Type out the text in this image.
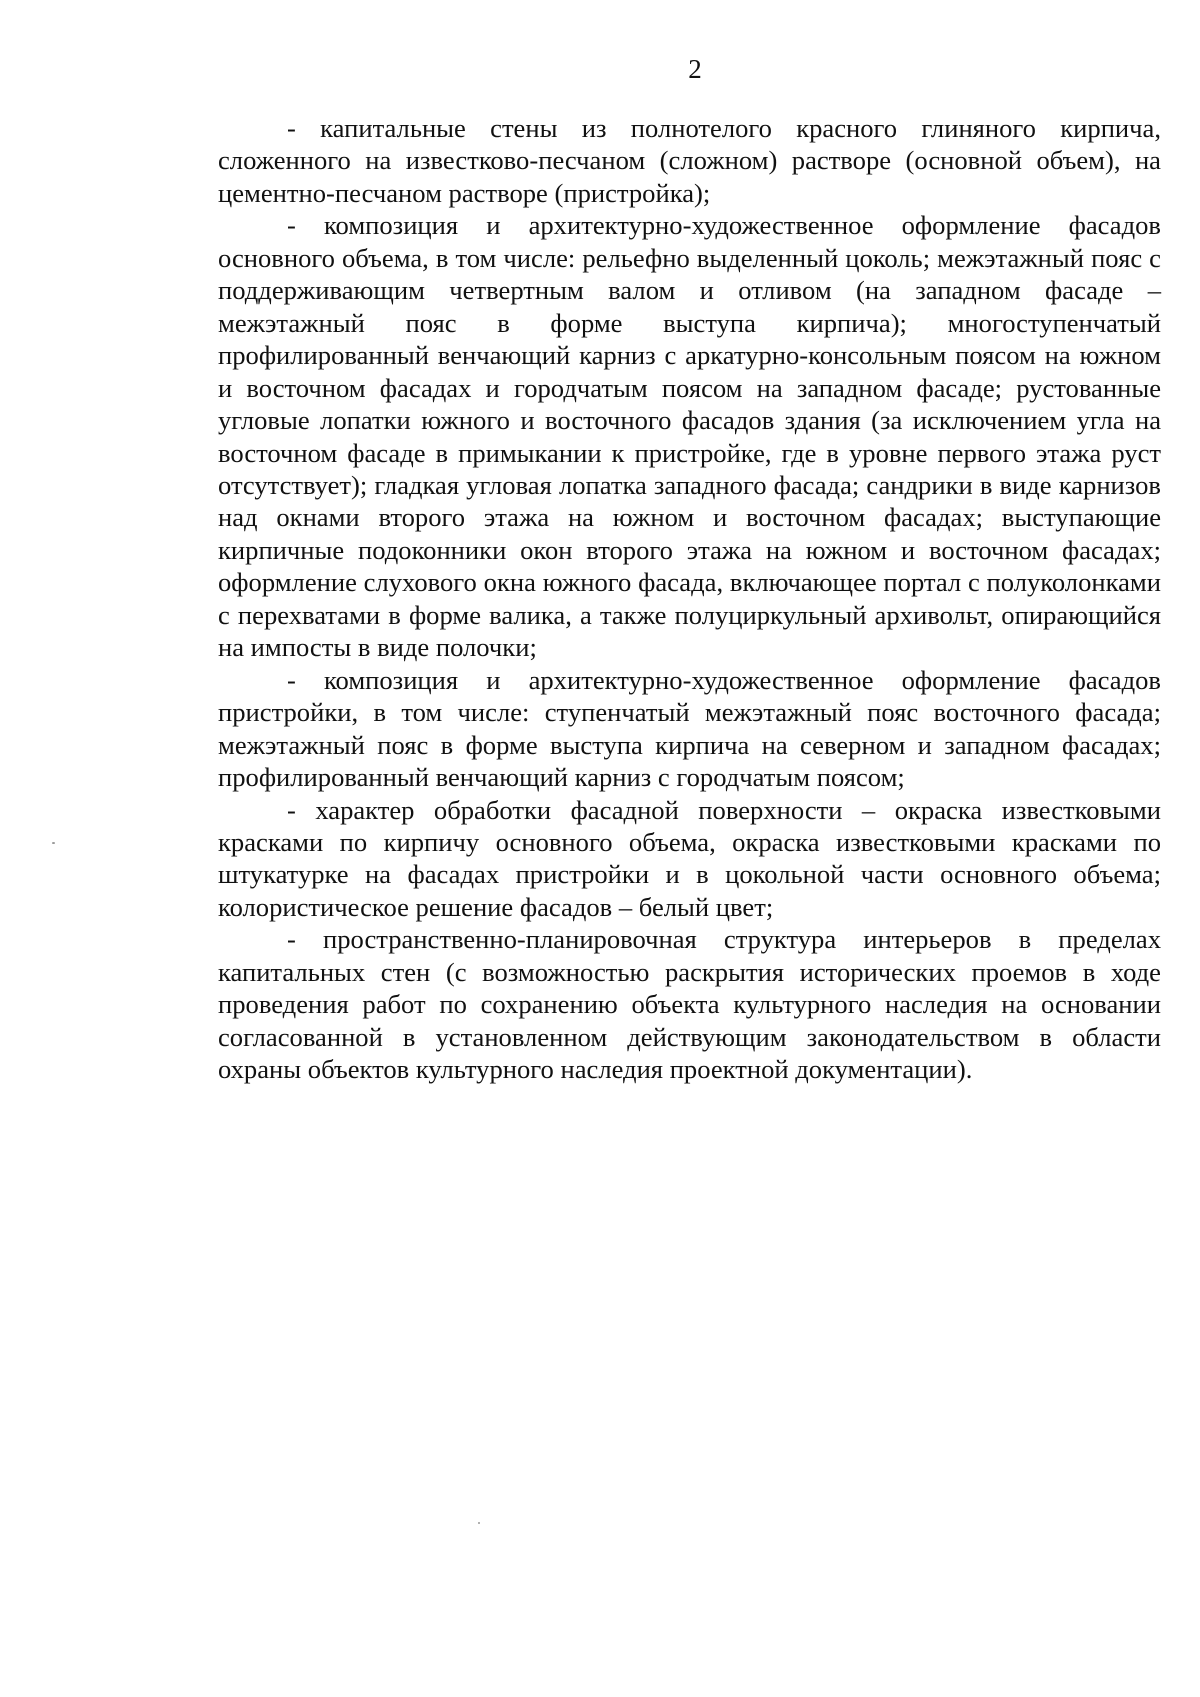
2

- капитальные стены из полнотелого красного глиняного кирпича, сложенного на известково-песчаном (сложном) растворе (основной объем), на цементно-песчаном растворе (пристройка);

- композиция и архитектурно-художественное оформление фасадов основного объема, в том числе: рельефно выделенный цоколь; межэтажный пояс с поддерживающим четвертным валом и отливом (на западном фасаде – межэтажный пояс в форме выступа кирпича); многоступенчатый профилированный венчающий карниз с аркатурно-консольным поясом на южном и восточном фасадах и городчатым поясом на западном фасаде; рустованные угловые лопатки южного и восточного фасадов здания (за исключением угла на восточном фасаде в примыкании к пристройке, где в уровне первого этажа руст отсутствует); гладкая угловая лопатка западного фасада; сандрики в виде карнизов над окнами второго этажа на южном и восточном фасадах; выступающие кирпичные подоконники окон второго этажа на южном и восточном фасадах; оформление слухового окна южного фасада, включающее портал с полуколонками с перехватами в форме валика, а также полуциркульный архивольт, опирающийся на импосты в виде полочки;

- композиция и архитектурно-художественное оформление фасадов пристройки, в том числе: ступенчатый межэтажный пояс восточного фасада; межэтажный пояс в форме выступа кирпича на северном и западном фасадах; профилированный венчающий карниз с городчатым поясом;

- характер обработки фасадной поверхности – окраска известковыми красками по кирпичу основного объема, окраска известковыми красками по штукатурке на фасадах пристройки и в цокольной части основного объема; колористическое решение фасадов – белый цвет;

- пространственно-планировочная структура интерьеров в пределах капитальных стен (с возможностью раскрытия исторических проемов в ходе проведения работ по сохранению объекта культурного наследия на основании согласованной в установленном действующим законодательством в области охраны объектов культурного наследия проектной документации).
